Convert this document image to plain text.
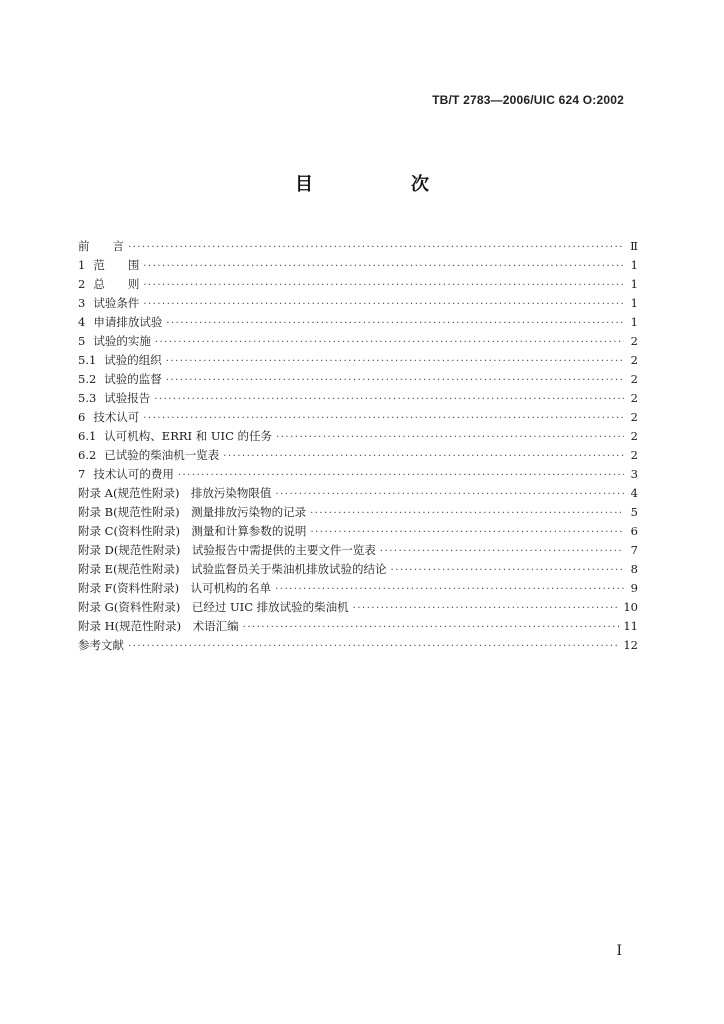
TB/T 2783—2006/UIC 624 O:2002
目　次
前　　言 ·····	Ⅱ
1 范　　围 ·····	1
2 总　　则 ·····	1
3 试验条件 ·····	1
4 申请排放试验 ·····	1
5 试验的实施 ·····	2
5.1 试验的组织 ·····	2
5.2 试验的监督 ·····	2
5.3 试验报告 ·····	2
6 技术认可 ·····	2
6.1 认可机构、ERRI 和 UIC 的任务 ·····	2
6.2 已试验的柴油机一览表 ·····	2
7 技术认可的费用 ·····	3
附录 A(规范性附录)　排放污染物限值 ·····	4
附录 B(规范性附录)　测量排放污染物的记录 ·····	5
附录 C(资料性附录)　测量和计算参数的说明 ·····	6
附录 D(规范性附录)　试验报告中需提供的主要文件一览表 ·····	7
附录 E(规范性附录)　试验监督员关于柴油机排放试验的结论 ·····	8
附录 F(资料性附录)　认可机构的名单 ·····	9
附录 G(资料性附录)　已经过 UIC 排放试验的柴油机 ·····	10
附录 H(规范性附录)　术语汇编 ·····	11
参考文献 ·····	12
Ⅰ
